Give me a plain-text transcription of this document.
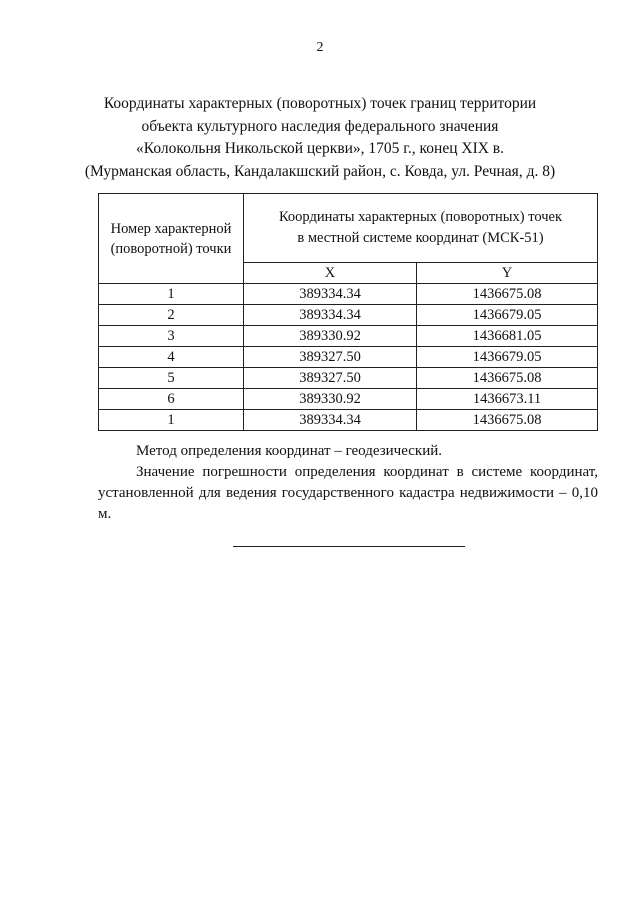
2
Координаты характерных (поворотных) точек границ территории
объекта культурного наследия федерального значения
«Колокольня Никольской церкви», 1705 г., конец XIX в.
(Мурманская область, Кандалакшский район, с. Ковда, ул. Речная, д. 8)
Номер характерной
(поворотной) точки	Координаты характерных (поворотных) точек
в местной системе координат (МСК-51)	
	X	Y
1	389334.34	1436675.08
2	389334.34	1436679.05
3	389330.92	1436681.05
4	389327.50	1436679.05
5	389327.50	1436675.08
6	389330.92	1436673.11
1	389334.34	1436675.08

Метод определения координат – геодезический.

Значение погрешности определения координат в системе координат, установленной для ведения государственного кадастра недвижимости – 0,10 м.
